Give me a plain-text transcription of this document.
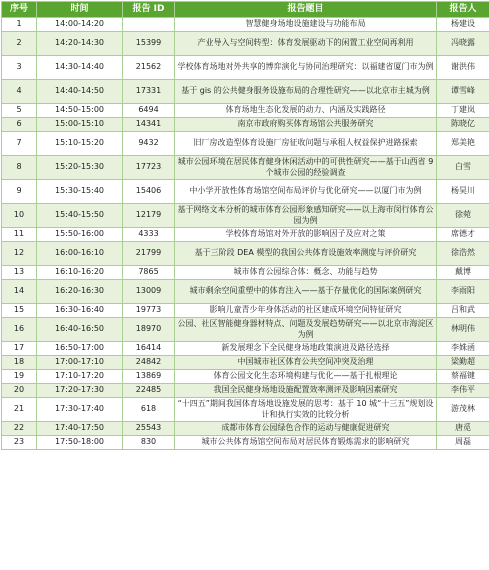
序号	时间	报告 ID	报告题目	报告人
1	14:00-14:20		智慧健身场地设施建设与功能布局	杨建设
2	14:20-14:30	15399	产业导入与空间转型：体育发展驱动下的闲置工业空间再利用	冯晓露
3	14:30-14:40	21562	学校体育场地对外共享的博弈演化与协同治理研究：以福建省厦门市为例	谢洪伟
4	14:40-14:50	17331	基于 gis 的公共健身服务设施布局的合理性研究——以北京市主城为例	谭雪峰
5	14:50-15:00	6494	体育场地生态化发展的动力、内涵及实践路径	丁建岚
6	15:00-15:10	14341	南京市政府购买体育场馆公共服务研究	陈晓亿
7	15:10-15:20	9432	旧厂房改造型体育设施厂房征收问题与承租人权益保护进路探索	郑美艳
8	15:20-15:30	17723	城市公园环境在居民体育健身休闲活动中的可供性研究——基于山西省 9 个城市公园的经验调查	白雪
9	15:30-15:40	15406	中小学开放性体育场馆空间布局评价与优化研究——以厦门市为例	杨昊川
10	15:40-15:50	12179	基于网络文本分析的城市体育公园形象感知研究——以上海市闵行体育公园为例	徐菀
11	15:50-16:00	4333	学校体育场馆对外开放的影响因子及应对之策	席德才
12	16:00-16:10	21799	基于三阶段 DEA 模型的我国公共体育设施效率测度与评价研究	徐浩然
13	16:10-16:20	7865	城市体育公园综合体：概念、功能与趋势	戴博
14	16:20-16:30	13009	城市剩余空间重塑中的体育注入——基于存量优化的国际案例研究	李雨阳
15	16:30-16:40	19773	影响儿童青少年身体活动的社区建成环境空间特征研究	吕和武
16	16:40-16:50	18970	公园、社区智能健身器材特点、问题及发展趋势研究——以北京市海淀区为例	林明伟
17	16:50-17:00	16414	新发展理念下全民健身场地政策演进及路径选择	李姝函
18	17:00-17:10	24842	中国城市社区体育公共空间冲突及治理	梁勤超
19	17:10-17:20	13869	体育公园文化生态环境构建与优化——基于扎根理论	蔡福键
20	17:20-17:30	22485	我国全民健身场地设施配置效率测评及影响因素研究	李伟平
21	17:30-17:40	618	“十四五”期间我国体育场地设施发展的思考：基于 10 城“十三五”规划设计和执行实效的比较分析	游茂林
22	17:40-17:50	25543	成都市体育公园绿色合作的运动与健康促进研究	唐觅
23	17:50-18:00	830	城市公共体育场馆空间布局对居民体育锻炼需求的影响研究	周磊
